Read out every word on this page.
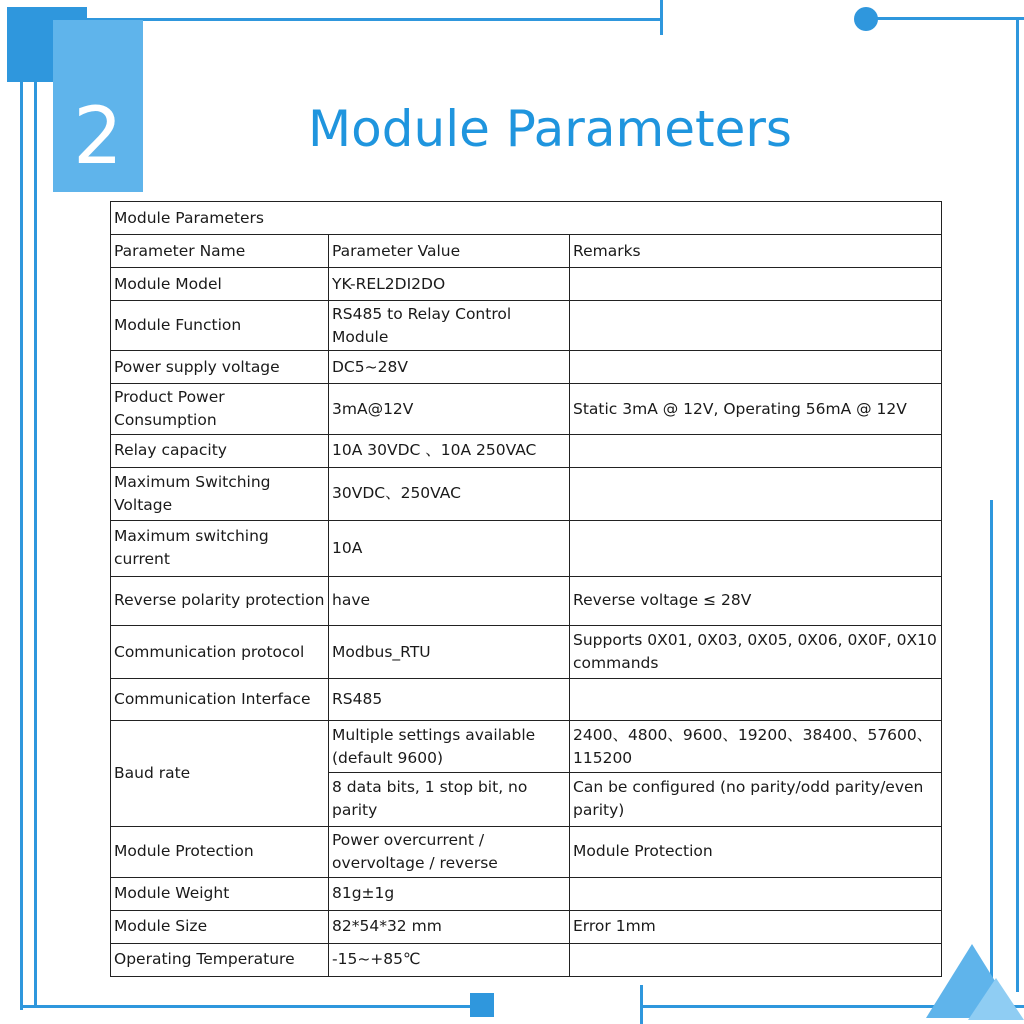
2	Module Parameters
Module Parameters		
Parameter Name	Parameter Value	Remarks
Module Model	YK-REL2DI2DO	
Module Function	RS485 to Relay Control Module	
Power supply voltage	DC5~28V	
Product Power Consumption	3mA@12V	Static 3mA @ 12V, Operating 56mA @ 12V
Relay capacity	10A 30VDC 、10A 250VAC	
Maximum Switching Voltage	30VDC、250VAC	
Maximum switching current	10A	
Reverse polarity protection	have	Reverse voltage ≤ 28V
Communication protocol	Modbus_RTU	Supports 0X01, 0X03, 0X05, 0X06, 0X0F, 0X10 commands
Communication Interface	RS485	
Baud rate	Multiple settings available (default 9600)	2400、4800、9600、19200、38400、57600、115200
	8 data bits, 1 stop bit, no parity	Can be configured (no parity/odd parity/even parity)
Module Protection	Power overcurrent / overvoltage / reverse	Module Protection
Module Weight	81g±1g	
Module Size	82*54*32 mm	Error 1mm
Operating Temperature	-15~+85℃	
